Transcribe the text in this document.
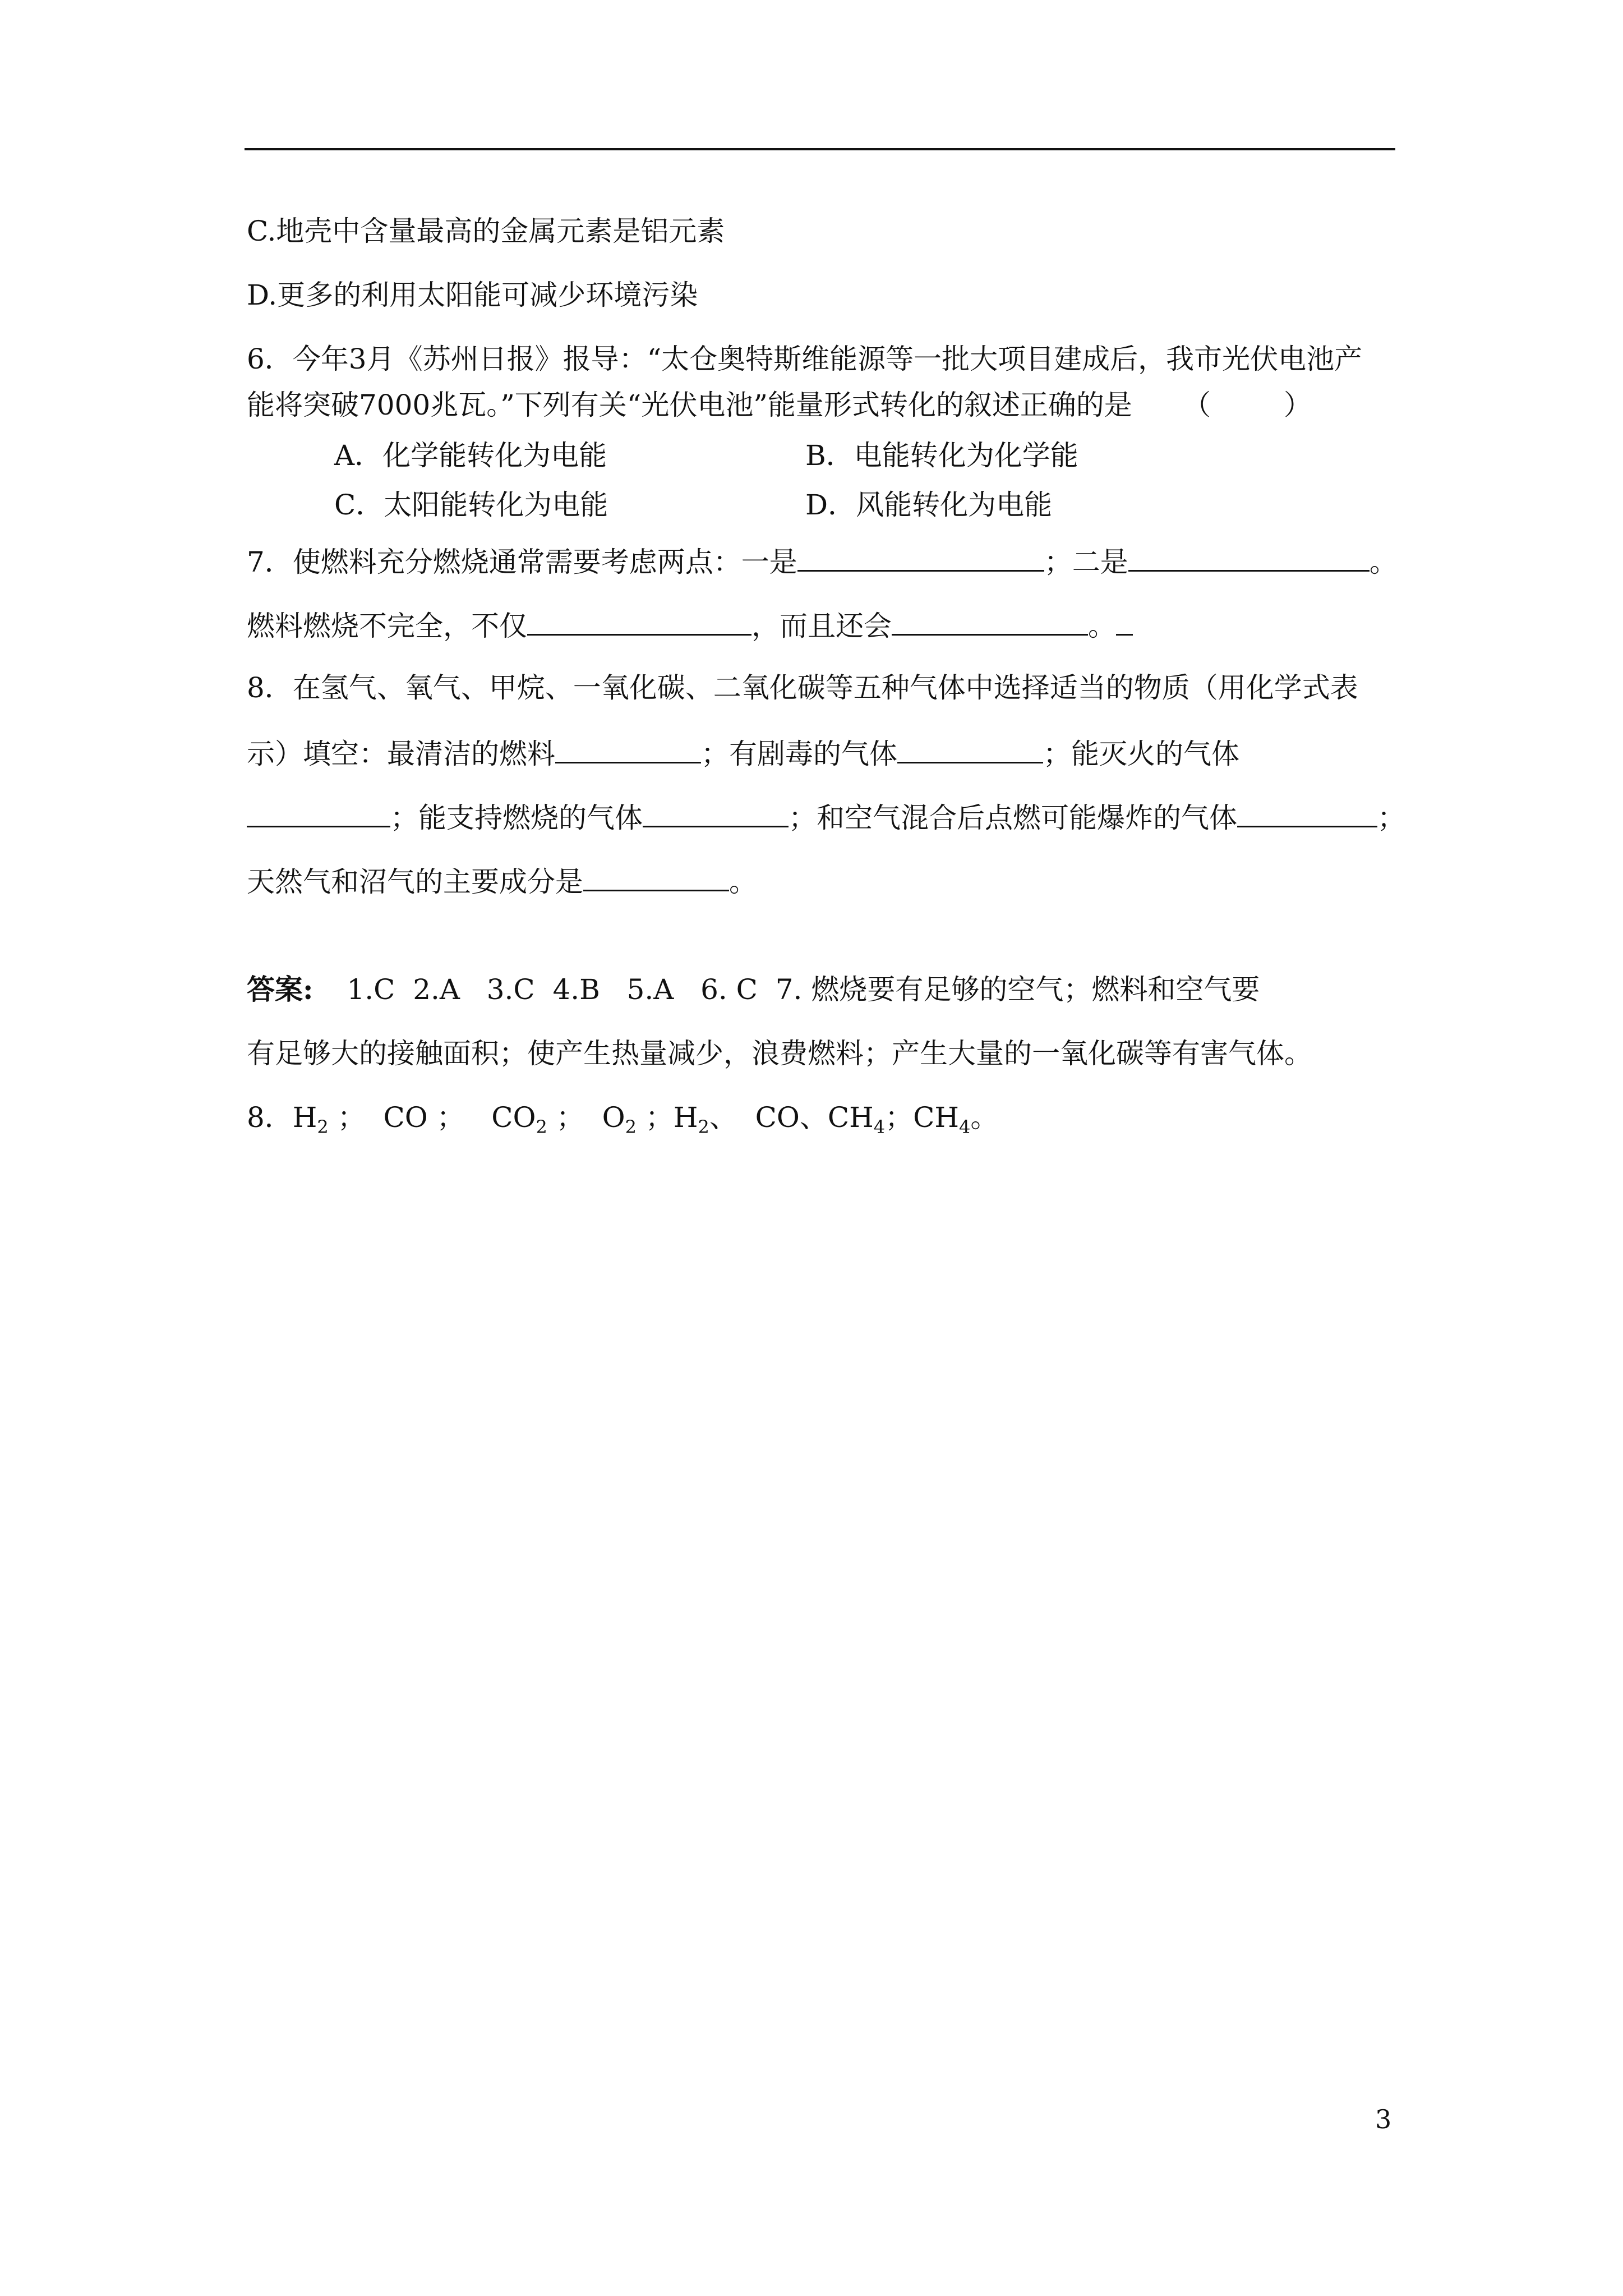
C.地壳中含量最高的金属元素是铝元素
D.更多的利用太阳能可减少环境污染
6．今年3月《苏州日报》报导：“太仓奥特斯维能源等一批大项目建成后，我市光伏电池产
能将突破7000兆瓦。”下列有关“光伏电池”能量形式转化的叙述正确的是 （	）
A．化学能转化为电能	B．电能转化为化学能
C．太阳能转化为电能	D．风能转化为电能
7．使燃料充分燃烧通常需要考虑两点：一是	；二是	。
燃料燃烧不完全，不仅	，而且还会	。
8．在氢气、氧气、甲烷、一氧化碳、二氧化碳等五种气体中选择适当的物质（用化学式表
示）填空：最清洁的燃料	；有剧毒的气体	；能灭火的气体
；能支持燃烧的气体	；和空气混合后点燃可能爆炸的气体	；
天然气和沼气的主要成分是	。
答案: 1.C  2.A   3.C  4.B   5.A   6. C  7. 燃烧要有足够的空气；燃料和空气要
有足够大的接触面积；使产生热量减少，浪费燃料；产生大量的一氧化碳等有害气体。
8．$H_2$ ；  CO ；   $CO_2$ ；  $O_2$ ；$H_2$、  CO、$CH_4$；$CH_4$。
3
